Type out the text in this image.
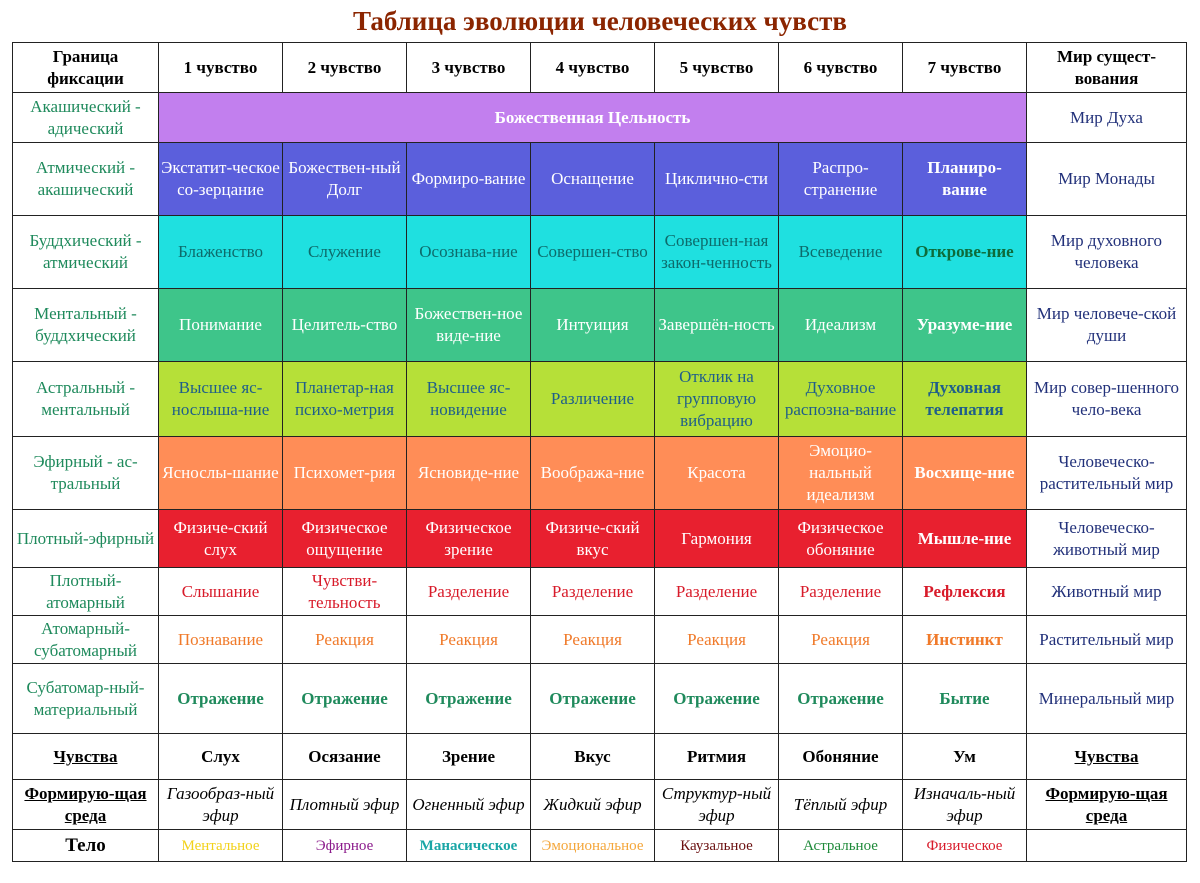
Таблица эволюции человеческих чувств
Граница фиксации	1 чувство	2 чувство	3 чувство	4 чувство	5 чувство	6 чувство	7 чувство	Мир сущест-вования
Акашический - адический	Божественная Цельность							Мир Духа
Атмический - акашический	Экстатит-ческое со-зерцание	Божествен-ный Долг	Формиро-вание	Оснащение	Цикличнo-сти	Распро-странение	Планиро-вание	Мир Монады
Буддхический - атмический	Блаженство	Служение	Осознава-ние	Совершен-ство	Совершен-ная закон-ченность	Всеведение	Открове-ние	Мир духовного человека
Ментальный - буддхический	Понимание	Целитель-ство	Божествен-ное виде-ние	Интуиция	Завершён-ность	Идеализм	Уразуме-ние	Мир человече-ской души
Астральный - ментальный	Высшее яс-нослыша-ние	Планетар-ная психо-метрия	Высшее яс-новидение	Различение	Отклик на групповую вибрацию	Духовное распозна-вание	Духовная телепатия	Мир совер-шенного чело-века
Эфирный - ас-тральный	Яснослы-шание	Психомет-рия	Ясновиде-ние	Вообража-ние	Красота	Эмоцио-нальный идеализм	Восхище-ние	Человеческо-растительный мир
Плотный-эфирный	Физиче-ский слух	Физическое ощущение	Физическое зрение	Физиче-ский вкус	Гармония	Физическое обоняние	Мышле-ние	Человеческо-животный мир
Плотный-атомарный	Слышание	Чувстви-тельность	Разделение	Разделение	Разделение	Разделение	Рефлексия	Животный мир
Атомарный-субатомарный	Познавание	Реакция	Реакция	Реакция	Реакция	Реакция	Инстинкт	Растительный мир
Субатомар-ный-материальный	Отражение	Отражение	Отражение	Отражение	Отражение	Отражение	Бытие	Минеральный мир
Чувства	Слух	Осязание	Зрение	Вкус	Ритмия	Обоняние	Ум	Чувства
Формирую-щая среда	Газообраз-ный эфир	Плотный эфир	Огненный эфир	Жидкий эфир	Структур-ный эфир	Тёплый эфир	Изначаль-ный эфир	Формирую-щая среда
Тело	Ментальное	Эфирное	Манасическое	Эмоциональное	Каузальное	Астральное	Физическое	
